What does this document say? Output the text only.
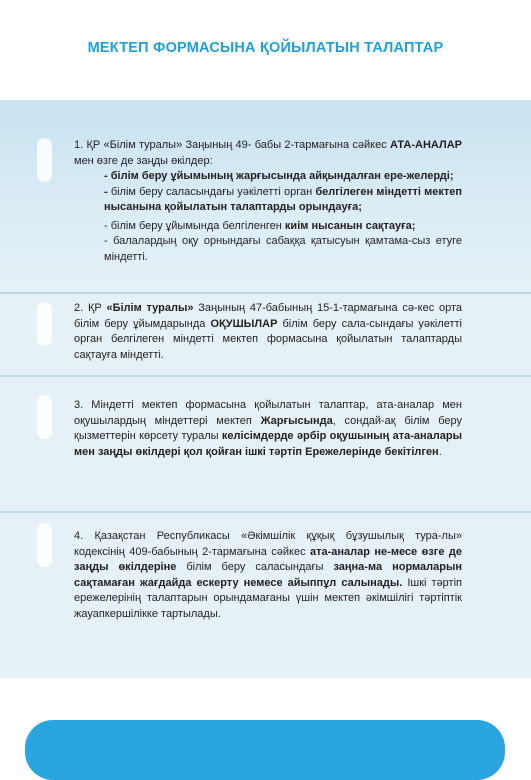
МЕКТЕП ФОРМАСЫНА ҚОЙЫЛАТЫН ТАЛАПТАР

1. ҚР «Білім туралы» Заңының 49- бабы 2-тармағына сәйкес АТА-АНАЛАР мен өзге де заңды өкілдер:

- білім беру ұйымының жарғысында айқындалған ере-желерді;

- білім беру саласындағы уәкілетті орган белгілеген міндетті мектеп нысанына қойылатын талаптарды орындауға;

- білім беру ұйымында белгіленген киім нысанын сақтауға;

- балалардың оқу орнындағы сабаққа қатысуын қамтама-сыз етуге міндетті.

2. ҚР «Білім туралы» Заңының 47-бабының 15-1-тармағына сә-кес орта білім беру ұйымдарында ОҚУШЫЛАР білім беру сала-сындағы уәкілетті орган белгілеген міндетті мектеп формасына қойылатын талаптарды сақтауға міндетті.

3. Міндетті мектеп формасына қойылатын талаптар, ата-аналар мен оқушылардың міндеттері мектеп Жарғысында, сондай-ақ білім беру қызметтерін көрсету туралы келісімдерде әрбір оқушының ата-аналары мен заңды өкілдері қол қойған ішкі тәртіп Ережелерінде бекітілген.

4. Қазақстан Республикасы «Әкімшілік құқық бұзушылық тура-лы» кодексінің 409-бабының 2-тармағына сәйкес ата-аналар не-месе өзге де заңды өкілдеріне білім беру саласындағы заңна-ма нормаларын сақтамаған жағдайда ескерту немесе айыппұл салынады. Ішкі тәртіп ережелерінің талаптарын орындамағаны үшін мектеп әкімшілігі тәртіптік жауапкершілікке тартылады.
